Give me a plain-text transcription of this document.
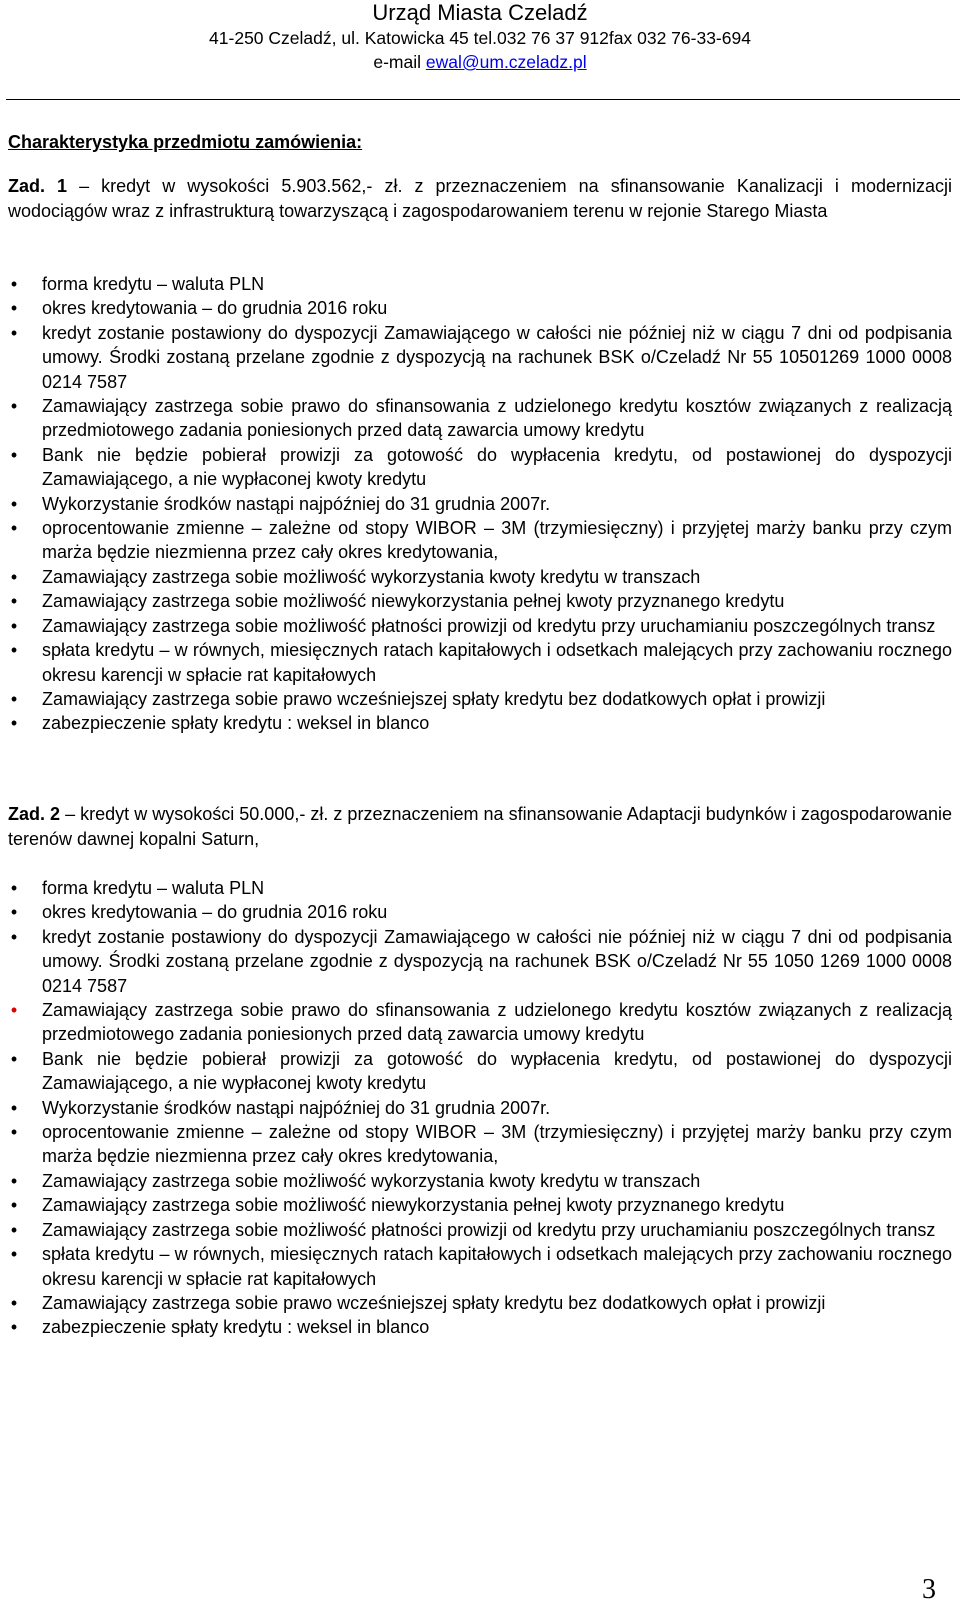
Urząd Miasta Czeladź
41-250 Czeladź, ul. Katowicka 45 tel.032 76 37 912fax 032 76-33-694
e-mail ewal@um.czeladz.pl
Charakterystyka przedmiotu zamówienia:
Zad. 1 – kredyt w wysokości 5.903.562,- zł. z przeznaczeniem na sfinansowanie Kanalizacji i modernizacji wodociągów wraz z infrastrukturą towarzyszącą i zagospodarowaniem terenu w rejonie Starego Miasta
• forma kredytu – waluta PLN
• okres kredytowania – do grudnia 2016 roku
• kredyt zostanie postawiony do dyspozycji Zamawiającego w całości nie później niż w ciągu 7 dni od podpisania umowy. Środki zostaną przelane zgodnie z dyspozycją na rachunek BSK o/Czeladź Nr 55 10501269 1000 0008 0214 7587
• Zamawiający zastrzega sobie prawo do sfinansowania z udzielonego kredytu kosztów związanych z realizacją przedmiotowego zadania poniesionych przed datą zawarcia umowy kredytu
• Bank nie będzie pobierał prowizji za gotowość do wypłacenia kredytu, od postawionej do dyspozycji Zamawiającego, a nie wypłaconej kwoty kredytu
• Wykorzystanie środków nastąpi najpóźniej do 31 grudnia 2007r.
• oprocentowanie zmienne – zależne od stopy WIBOR – 3M (trzymiesięczny) i przyjętej marży banku przy czym marża będzie niezmienna przez cały okres kredytowania,
• Zamawiający zastrzega sobie możliwość wykorzystania kwoty kredytu w transzach
• Zamawiający zastrzega sobie możliwość niewykorzystania pełnej kwoty przyznanego kredytu
• Zamawiający zastrzega sobie możliwość płatności prowizji od kredytu przy uruchamianiu poszczególnych transz
• spłata kredytu – w równych, miesięcznych ratach kapitałowych i odsetkach malejących przy zachowaniu rocznego okresu karencji w spłacie rat kapitałowych
• Zamawiający zastrzega sobie prawo wcześniejszej spłaty kredytu bez dodatkowych opłat i prowizji
• zabezpieczenie spłaty kredytu : weksel in blanco
Zad. 2 – kredyt w wysokości 50.000,- zł. z przeznaczeniem na sfinansowanie Adaptacji budynków i zagospodarowanie terenów dawnej kopalni Saturn,
• forma kredytu – waluta PLN
• okres kredytowania – do grudnia 2016 roku
• kredyt zostanie postawiony do dyspozycji Zamawiającego w całości nie później niż w ciągu 7 dni od podpisania umowy. Środki zostaną przelane zgodnie z dyspozycją na rachunek BSK o/Czeladź Nr 55 1050 1269 1000 0008 0214 7587
• Zamawiający zastrzega sobie prawo do sfinansowania z udzielonego kredytu kosztów związanych z realizacją przedmiotowego zadania poniesionych przed datą zawarcia umowy kredytu
• Bank nie będzie pobierał prowizji za gotowość do wypłacenia kredytu, od postawionej do dyspozycji Zamawiającego, a nie wypłaconej kwoty kredytu
• Wykorzystanie środków nastąpi najpóźniej do 31 grudnia 2007r.
• oprocentowanie zmienne – zależne od stopy WIBOR – 3M (trzymiesięczny) i przyjętej marży banku przy czym marża będzie niezmienna przez cały okres kredytowania,
• Zamawiający zastrzega sobie możliwość wykorzystania kwoty kredytu w transzach
• Zamawiający zastrzega sobie możliwość niewykorzystania pełnej kwoty przyznanego kredytu
• Zamawiający zastrzega sobie możliwość płatności prowizji od kredytu przy uruchamianiu poszczególnych transz
• spłata kredytu – w równych, miesięcznych ratach kapitałowych i odsetkach malejących przy zachowaniu rocznego okresu karencji w spłacie rat kapitałowych
• Zamawiający zastrzega sobie prawo wcześniejszej spłaty kredytu bez dodatkowych opłat i prowizji
• zabezpieczenie spłaty kredytu : weksel in blanco
3
